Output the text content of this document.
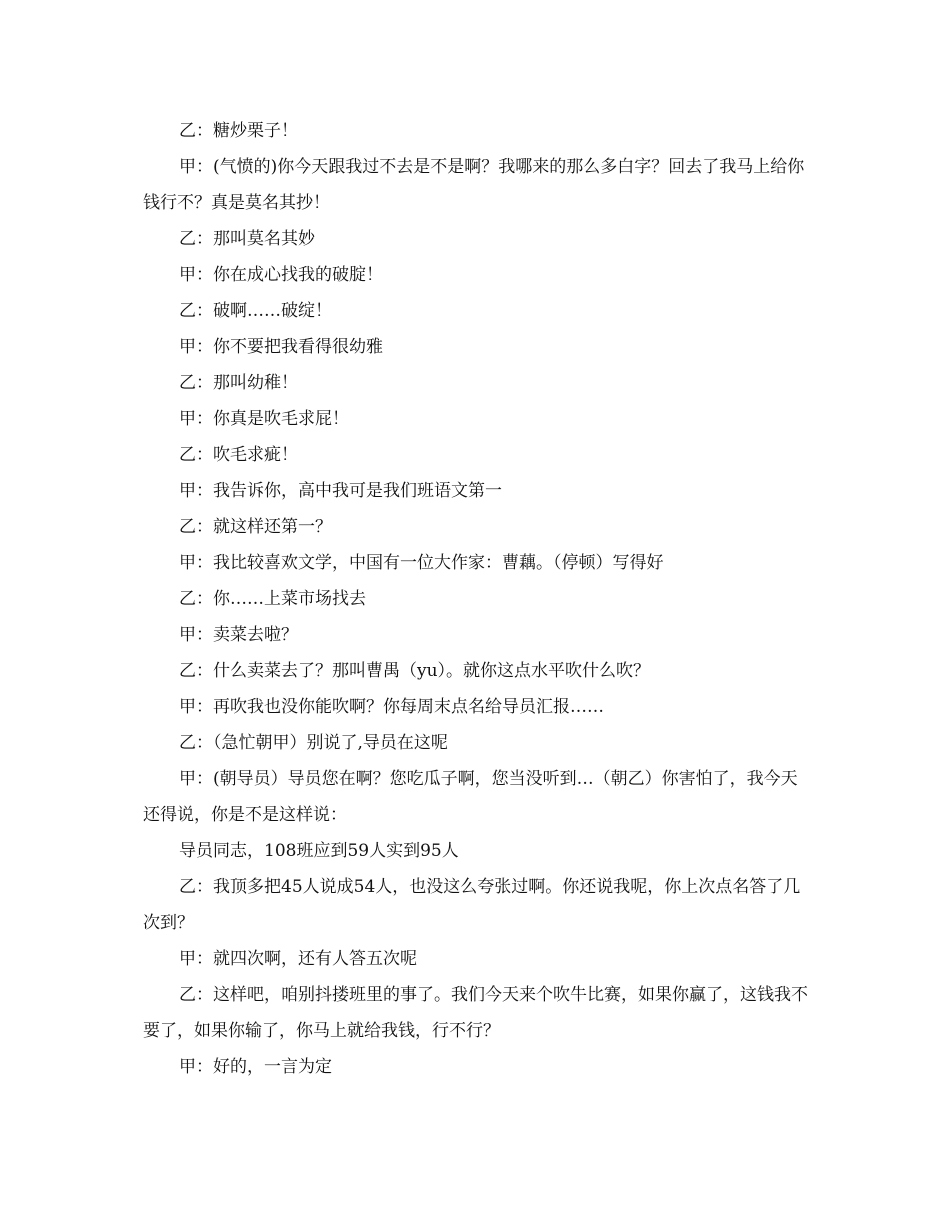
乙：糖炒栗子！

甲：(气愤的)你今天跟我过不去是不是啊？我哪来的那么多白字？回去了我马上给你钱行不？真是莫名其抄！

乙：那叫莫名其妙

甲：你在成心找我的破腚！

乙：破啊……破绽！

甲：你不要把我看得很幼雅

乙：那叫幼稚！

甲：你真是吹毛求屁！

乙：吹毛求疵！

甲：我告诉你，高中我可是我们班语文第一

乙：就这样还第一？

甲：我比较喜欢文学，中国有一位大作家：曹藕。（停顿）写得好

乙：你……上菜市场找去

甲：卖菜去啦？

乙：什么卖菜去了？那叫曹禺（yu）。就你这点水平吹什么吹？

甲：再吹我也没你能吹啊？你每周末点名给导员汇报……

乙：（急忙朝甲）别说了,导员在这呢

甲：(朝导员）导员您在啊？您吃瓜子啊，您当没听到…（朝乙）你害怕了，我今天还得说，你是不是这样说：

导员同志，108班应到59人实到95人

乙：我顶多把45人说成54人，也没这么夸张过啊。你还说我呢，你上次点名答了几次到？

甲：就四次啊，还有人答五次呢

乙：这样吧，咱别抖搂班里的事了。我们今天来个吹牛比赛，如果你赢了，这钱我不要了，如果你输了，你马上就给我钱，行不行？

甲：好的，一言为定
